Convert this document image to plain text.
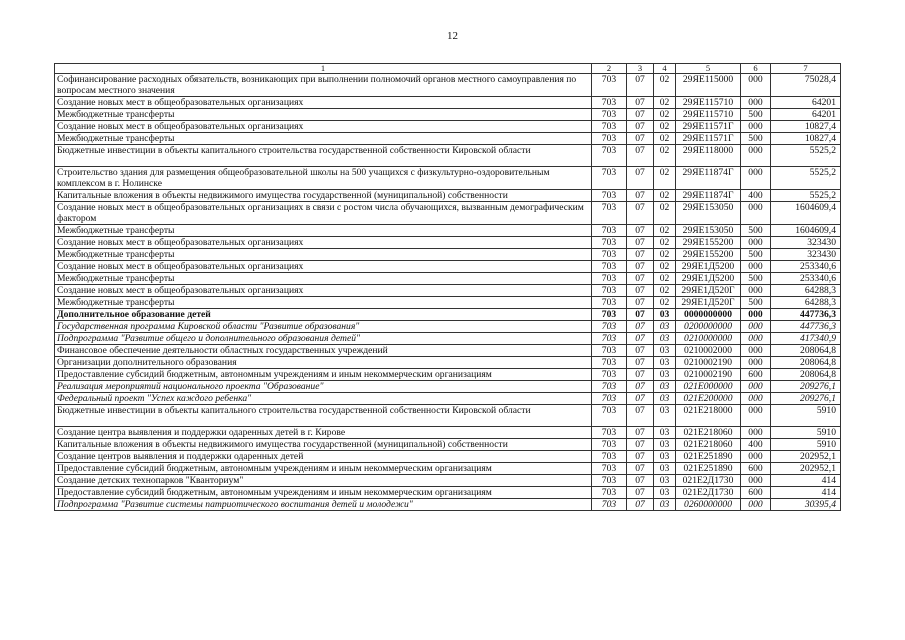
12
1	2	3	4	5	6	7
Софинансирование расходных обязательств, возникающих при выполнении полномочий органов местного самоуправления по вопросам местного значения	703	07	02	29ЯЕ115000	000	75028,4
Создание новых мест в общеобразовательных организациях	703	07	02	29ЯЕ115710	000	64201
Межбюджетные трансферты	703	07	02	29ЯЕ115710	500	64201
Создание новых мест в общеобразовательных организациях	703	07	02	29ЯЕ11571Г	000	10827,4
Межбюджетные трансферты	703	07	02	29ЯЕ11571Г	500	10827,4
Бюджетные инвестиции в объекты капитального строительства государственной собственности Кировской области	703	07	02	29ЯЕ118000	000	5525,2
Строительство здания для размещения общеобразовательной школы на 500 учащихся с физкультурно-оздоровительным комплексом в г. Нолинске	703	07	02	29ЯЕ11874Г	000	5525,2
Капитальные вложения в объекты недвижимого имущества государственной (муниципальной) собственности	703	07	02	29ЯЕ11874Г	400	5525,2
Создание новых мест в общеобразовательных организациях в связи с ростом числа обучающихся, вызванным демографическим фактором	703	07	02	29ЯЕ153050	000	1604609,4
Межбюджетные трансферты	703	07	02	29ЯЕ153050	500	1604609,4
Создание новых мест в общеобразовательных организациях	703	07	02	29ЯЕ155200	000	323430
Межбюджетные трансферты	703	07	02	29ЯЕ155200	500	323430
Создание новых мест в общеобразовательных организациях	703	07	02	29ЯЕ1Д5200	000	253340,6
Межбюджетные трансферты	703	07	02	29ЯЕ1Д5200	500	253340,6
Создание новых мест в общеобразовательных организациях	703	07	02	29ЯЕ1Д520Г	000	64288,3
Межбюджетные трансферты	703	07	02	29ЯЕ1Д520Г	500	64288,3
Дополнительное образование детей	703	07	03	0000000000	000	447736,3
Государственная программа Кировской области "Развитие образования"	703	07	03	0200000000	000	447736,3
Подпрограмма "Развитие общего и дополнительного образования детей"	703	07	03	0210000000	000	417340,9
Финансовое обеспечение деятельности областных государственных учреждений	703	07	03	0210002000	000	208064,8
Организации дополнительного образования	703	07	03	0210002190	000	208064,8
Предоставление субсидий бюджетным, автономным учреждениям и иным некоммерческим организациям	703	07	03	0210002190	600	208064,8
Реализация мероприятий национального проекта "Образование"	703	07	03	021Е000000	000	209276,1
Федеральный проект "Успех каждого ребенка"	703	07	03	021Е200000	000	209276,1
Бюджетные инвестиции в объекты капитального строительства государственной собственности Кировской области	703	07	03	021Е218000	000	5910
Создание центра выявления и поддержки одаренных детей в г. Кирове	703	07	03	021Е218060	000	5910
Капитальные вложения в объекты недвижимого имущества государственной (муниципальной) собственности	703	07	03	021Е218060	400	5910
Создание центров выявления и поддержки одаренных детей	703	07	03	021Е251890	000	202952,1
Предоставление субсидий бюджетным, автономным учреждениям и иным некоммерческим организациям	703	07	03	021Е251890	600	202952,1
Создание детских технопарков "Кванториум"	703	07	03	021Е2Д1730	000	414
Предоставление субсидий бюджетным, автономным учреждениям и иным некоммерческим организациям	703	07	03	021Е2Д1730	600	414
Подпрограмма "Развитие системы патриотического воспитания детей и молодежи"	703	07	03	0260000000	000	30395,4
